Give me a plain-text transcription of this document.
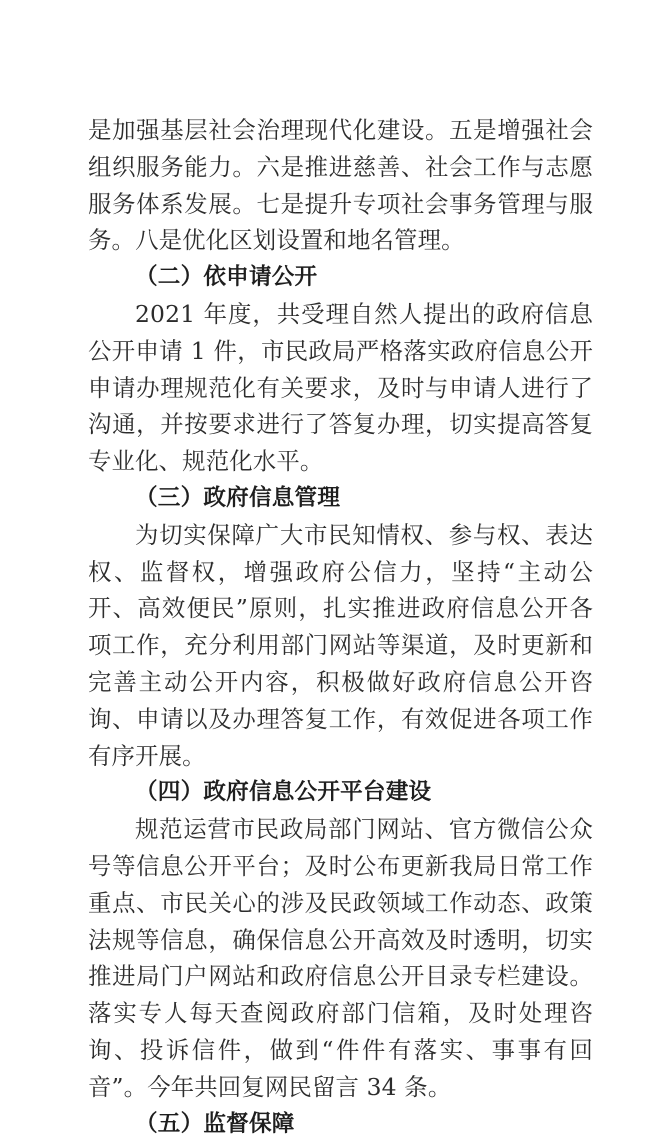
是加强基层社会治理现代化建设。五是增强社会组织服务能力。六是推进慈善、社会工作与志愿服务体系发展。七是提升专项社会事务管理与服务。八是优化区划设置和地名管理。

（二）依申请公开

2021 年度，共受理自然人提出的政府信息公开申请 1 件，市民政局严格落实政府信息公开申请办理规范化有关要求，及时与申请人进行了沟通，并按要求进行了答复办理，切实提高答复专业化、规范化水平。

（三）政府信息管理

为切实保障广大市民知情权、参与权、表达权、监督权，增强政府公信力，坚持“主动公开、高效便民”原则，扎实推进政府信息公开各项工作，充分利用部门网站等渠道，及时更新和完善主动公开内容，积极做好政府信息公开咨询、申请以及办理答复工作，有效促进各项工作有序开展。

（四）政府信息公开平台建设

规范运营市民政局部门网站、官方微信公众号等信息公开平台；及时公布更新我局日常工作重点、市民关心的涉及民政领域工作动态、政策法规等信息，确保信息公开高效及时透明，切实推进局门户网站和政府信息公开目录专栏建设。落实专人每天查阅政府部门信箱，及时处理咨询、投诉信件，做到“件件有落实、事事有回音”。今年共回复网民留言 34 条。

（五）监督保障
